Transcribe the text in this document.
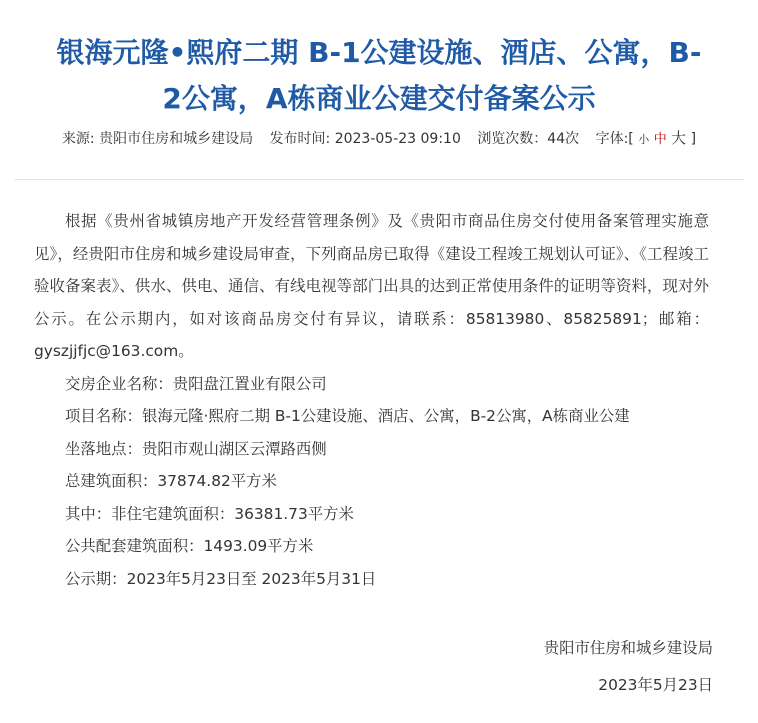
银海元隆•熙府二期 B-1公建设施、酒店、公寓，B-
2公寓，A栋商业公建交付备案公示
来源: 贵阳市住房和城乡建设局 发布时间: 2023-05-23 09:10 浏览次数：44次 字体:[ 小 中 大 ]

根据《贵州省城镇房地产开发经营管理条例》及《贵阳市商品住房交付使用备案管理实施意见》，经贵阳市住房和城乡建设局审查，下列商品房已取得《建设工程竣工规划认可证》、《工程竣工验收备案表》、供水、供电、通信、有线电视等部门出具的达到正常使用条件的证明等资料，现对外公示。在公示期内，如对该商品房交付有异议，请联系：85813980、85825891；邮箱：gyszjjfjc@163.com。

交房企业名称：贵阳盘江置业有限公司

项目名称：银海元隆·熙府二期 B-1公建设施、酒店、公寓，B-2公寓，A栋商业公建

坐落地点：贵阳市观山湖区云潭路西侧

总建筑面积：37874.82平方米

其中：非住宅建筑面积：36381.73平方米

公共配套建筑面积：1493.09平方米

公示期：2023年5月23日至 2023年5月31日

贵阳市住房和城乡建设局
2023年5月23日
